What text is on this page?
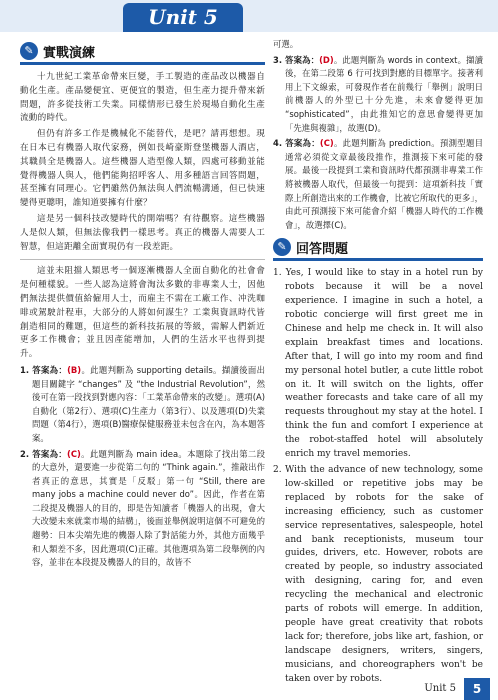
Unit 5
✎ 實戰演練

十九世紀工業革命帶來巨變，手工製造的產品改以機器自動化生產。產品變便宜、更便宜的製造，但生產力提升帶來新問題，許多從技術工失業。同樣情形已發生於現場自動化生產流動的時代。

但仍有許多工作是機械化不能替代，是吧？請再想想。現在日本已有機器人取代家務，例如長崎豪斯登堡機器人酒店，其職員全是機器人。這些機器人造型像人類，四處可移動並能覺得機器人與人，他們能夠招呼客人、用多種語言回答問題，甚至擁有同理心。它們雖然仍無法與人們流暢溝通，但已快速變得更聰明，誰知道要擁有什麼？

這是另一個科技改變時代的開端嗎？有待觀察。這些機器人是似人類，但無法像我們一樣思考。真正的機器人需要人工智慧，但這距離全面實現仍有一段差距。

這並未阻擋人類思考一個逐漸機器人全面自動化的社會會是何種樣貌。一些人認為這將會淘汰多數的非專業人士，因他們無法提供價值給僱用人士，而雇主不需在工廠工作、冲洗咖啡或駕駛計程車，大部分的人將如何謀生？工業與資訊時代皆創造相同的難題，但這些的新科技拓展的等級，需解人們新近更多工作機會；並且因產能增加，人們的生活水平也得到提升。

1. 答案為：(B)。此題判斷為 supporting details。擷讀後面出題目關鍵字 “changes” 及 “the Industrial Revolution”，然後可在第一段找到對應內容：「工業革命帶來的改變」。選項(A)自動化（第2行）、選項(C)生產力（第3行）、以及選項(D)失業問題（第4行），選項(B)醫療保健服務並未包含在內，為本題答案。

2. 答案為：(C)。此題判斷為 main idea。本題除了找出第二段的大意外，還要進一步從第二句的 “Think again.”，推敲出作者真正的意思，其實是「反駁」第一句 “Still, there are many jobs a machine could never do”。因此，作者在第二段提及機器人的目的，即是告知讀者「機器人的出現，會大大改變未來就業市場的結構」，後面並舉例說明這個不可避免的趨勢：日本尖端先進的機器人除了對話能力外，其他方面幾乎和人類差不多，因此選項(C)正確。其他選項為第二段舉例的內容，並非在本段提及機器人的目的，故皆不

可選。

3. 答案為：(D)。此題判斷為 words in context。擷讀後，在第二段第 6 行可找到對應的目標單字。接著利用上下文線索，可發現作者在前幾行「舉例」說明日前機器人的外型已十分先進，未來會變得更加 “sophisticated”，由此推知它的意思會變得更加「先進與複雜」，故選(D)。

4. 答案為：(C)。此題判斷為 prediction。預測型題目通常必須從文章最後段推作，推測接下來可能的發展。最後一段提到工業和資訊時代都預測非專業工作將被機器人取代，但最後一句提到：這項新科技「實際上所創造出來的工作機會，比被它所取代的更多」，由此可預測接下來可能會介紹「機器人時代的工作機會」，故選擇(C)。

✎ 回答問題

1. Yes, I would like to stay in a hotel run by robots because it will be a novel experience. I imagine in such a hotel, a robotic concierge will first greet me in Chinese and help me check in. It will also explain breakfast times and locations. After that, I will go into my room and find my personal hotel butler, a cute little robot on it. It will switch on the lights, offer weather forecasts and take care of all my requests throughout my stay at the hotel. I think the fun and comfort I experience at the robot-staffed hotel will absolutely enrich my travel memories.

2. With the advance of new technology, some low-skilled or repetitive jobs may be replaced by robots for the sake of increasing efficiency, such as customer service representatives, salespeople, hotel and bank receptionists, museum tour guides, drivers, etc. However, robots are created by people, so industry associated with designing, caring for, and even recycling the mechanical and electronic parts of robots will emerge. In addition, people have great creativity that robots lack for; therefore, jobs like art, fashion, or landscape designers, writers, singers, musicians, and choreographers won't be taken over by robots.

Unit 5	5
